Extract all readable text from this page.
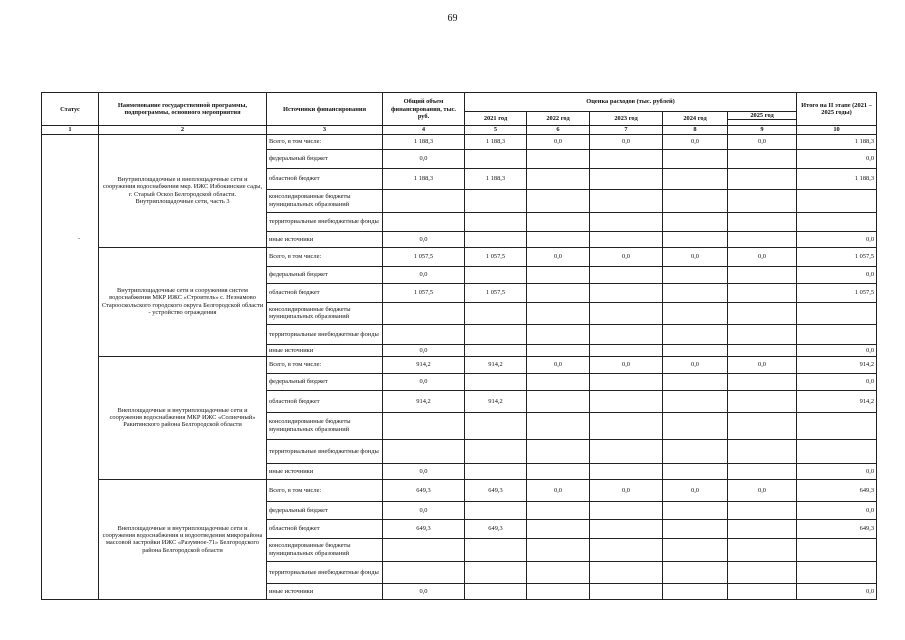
69
Статус	Наименование государственной программы, подпрограммы, основного мероприятия	Источники финансирования	Общий объем финансирования, тыс. руб.	Оценка расходов (тыс. рублей)					Итого на II этапе (2021 – 2025 годы)
				2021 год	2022 год	2023 год	2024 год	2025 год	

1	2	3	4	5	6	7	8	9	10
	Внутриплощадочные и внеплощадочные сети и сооружения водоснабжения мкр. ИЖС Избокинские сады, г. Старый Оскол Белгородской области. Внутриплощадочные сети, часть 3	Всего, в том числе:	1 188,3	1 188,3	0,0	0,0	0,0	0,0	1 188,3
		федеральный бюджет	0,0						0,0
		областной бюджет	1 188,3	1 188,3					1 188,3
		консолидированные бюджеты муниципальных образований							
		территориальные внебюджетные фонды							
		иные источники	0,0						0,0
	Внутриплощадочные сети и сооружения систем водоснабжения МКР ИЖС «Строитель» с. Незнамово Старооскольского городского округа Белгородской области - устройство ограждения	Всего, в том числе:	1 057,5	1 057,5	0,0	0,0	0,0	0,0	1 057,5
		федеральный бюджет	0,0						0,0
		областной бюджет	1 057,5	1 057,5					1 057,5
		консолидированные бюджеты муниципальных образований							
		территориальные внебюджетные фонды							
		иные источники	0,0						0,0
	Внеплощадочные и внутриплощадочные сети и сооружения водоснабжения МКР ИЖС «Солнечный» Ракитянского района Белгородской области	Всего, в том числе:	914,2	914,2	0,0	0,0	0,0	0,0	914,2
		федеральный бюджет	0,0						0,0
		областной бюджет	914,2	914,2					914,2
		консолидированные бюджеты муниципальных образований							
		территориальные внебюджетные фонды							
		иные источники	0,0						0,0
	Внеплощадочные и внутриплощадочные сети и сооружения водоснабжения и водоотведения микрорайона массовой застройки ИЖС «Разумное-71» Белгородского района Белгородской области	Всего, в том числе:	649,3	649,3	0,0	0,0	0,0	0,0	649,3
		федеральный бюджет	0,0						0,0
		областной бюджет	649,3	649,3					649,3
		консолидированные бюджеты муниципальных образований							
		территориальные внебюджетные фонды							
		иные источники	0,0						0,0
-
